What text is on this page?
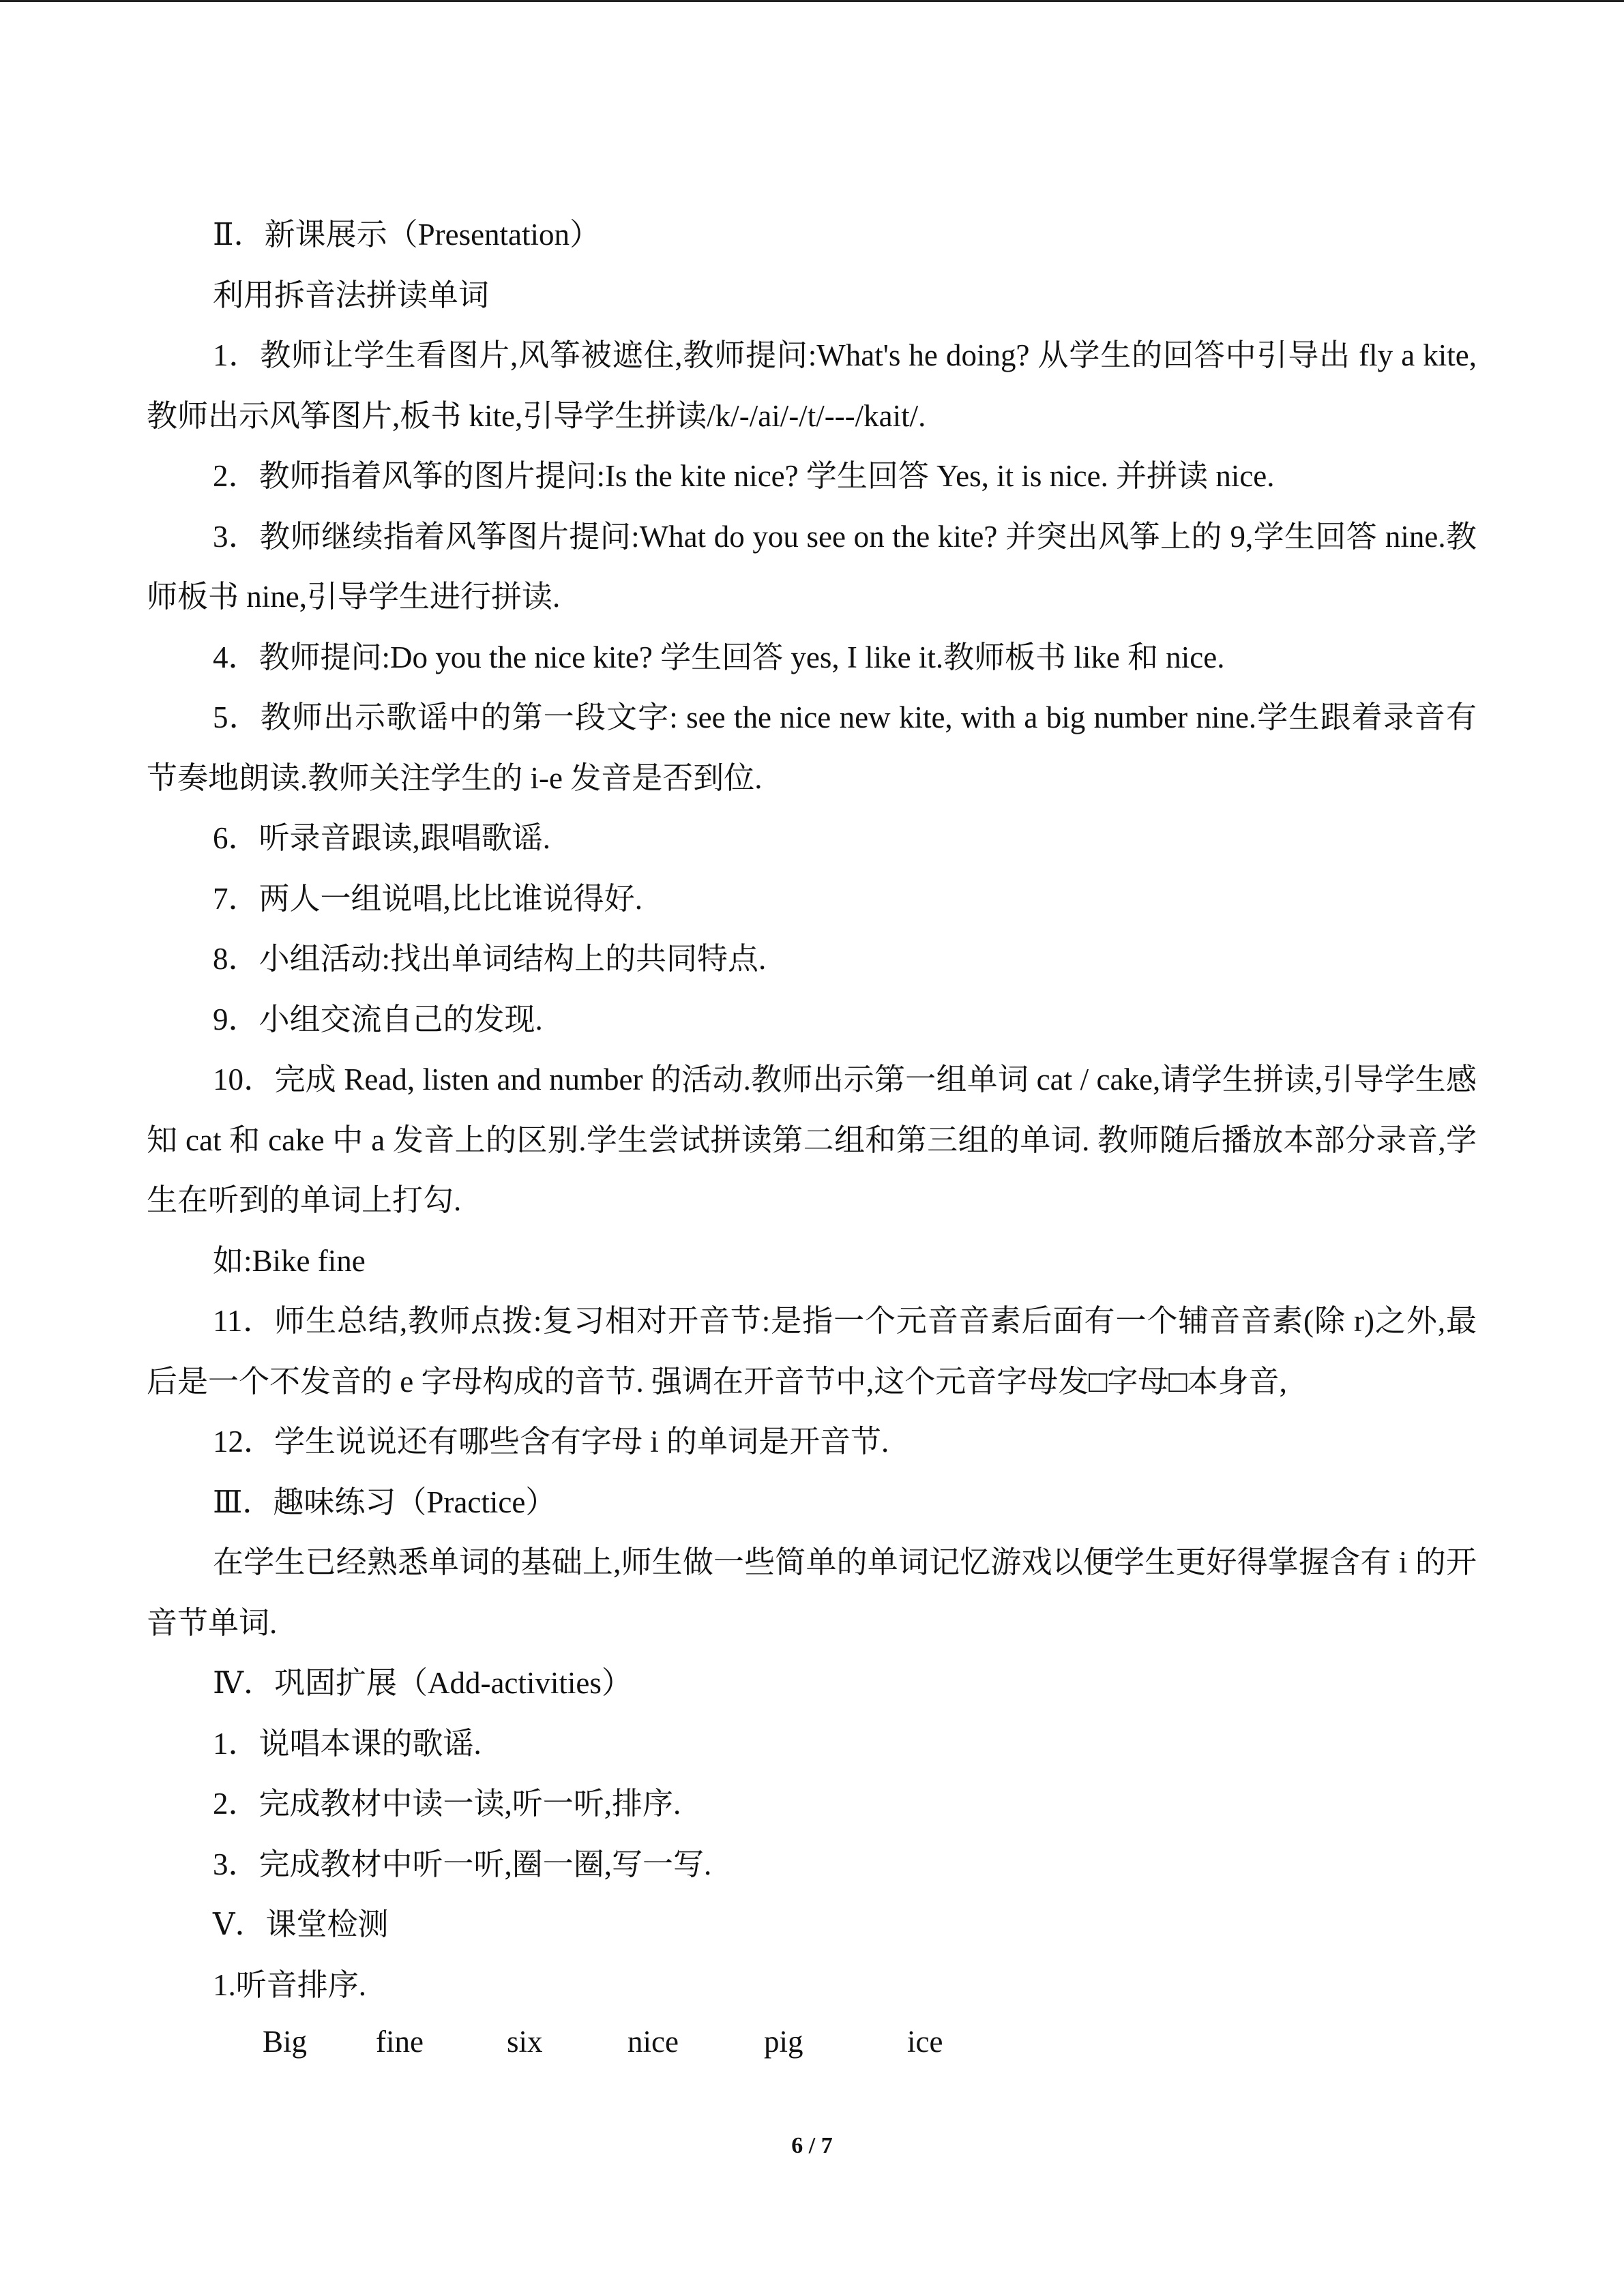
Ⅱ．新课展示（Presentation）

利用拆音法拼读单词

1．教师让学生看图片,风筝被遮住,教师提问:What's he doing? 从学生的回答中引导出 fly a kite,教师出示风筝图片,板书 kite,引导学生拼读/k/-/ai/-/t/---/kait/.

2．教师指着风筝的图片提问:Is the kite nice? 学生回答 Yes, it is nice. 并拼读 nice.

3．教师继续指着风筝图片提问:What do you see on the kite? 并突出风筝上的 9,学生回答 nine.教师板书 nine,引导学生进行拼读.

4．教师提问:Do you the nice kite? 学生回答 yes, I like it.教师板书 like 和 nice.

5．教师出示歌谣中的第一段文字: see the nice new kite, with a big number nine.学生跟着录音有节奏地朗读.教师关注学生的 i-e 发音是否到位.

6．听录音跟读,跟唱歌谣.

7．两人一组说唱,比比谁说得好.

8．小组活动:找出单词结构上的共同特点.

9．小组交流自己的发现.

10．完成 Read, listen and number 的活动.教师出示第一组单词 cat / cake,请学生拼读,引导学生感知 cat 和 cake 中 a 发音上的区别.学生尝试拼读第二组和第三组的单词. 教师随后播放本部分录音,学生在听到的单词上打勾.

如:Bike fine

11．师生总结,教师点拨:复习相对开音节:是指一个元音音素后面有一个辅音音素(除 r)之外,最后是一个不发音的 e 字母构成的音节. 强调在开音节中,这个元音字母发□字母□本身音,

12．学生说说还有哪些含有字母 i 的单词是开音节.

Ⅲ．趣味练习（Practice）

在学生已经熟悉单词的基础上,师生做一些简单的单词记忆游戏以便学生更好得掌握含有 i 的开音节单词.

Ⅳ．巩固扩展（Add-activities）

1．说唱本课的歌谣.

2．完成教材中读一读,听一听,排序.

3．完成教材中听一听,圈一圈,写一写.

Ⅴ．课堂检测

1.听音排序.

Big fine	six	nice	pig	ice
6 / 7
